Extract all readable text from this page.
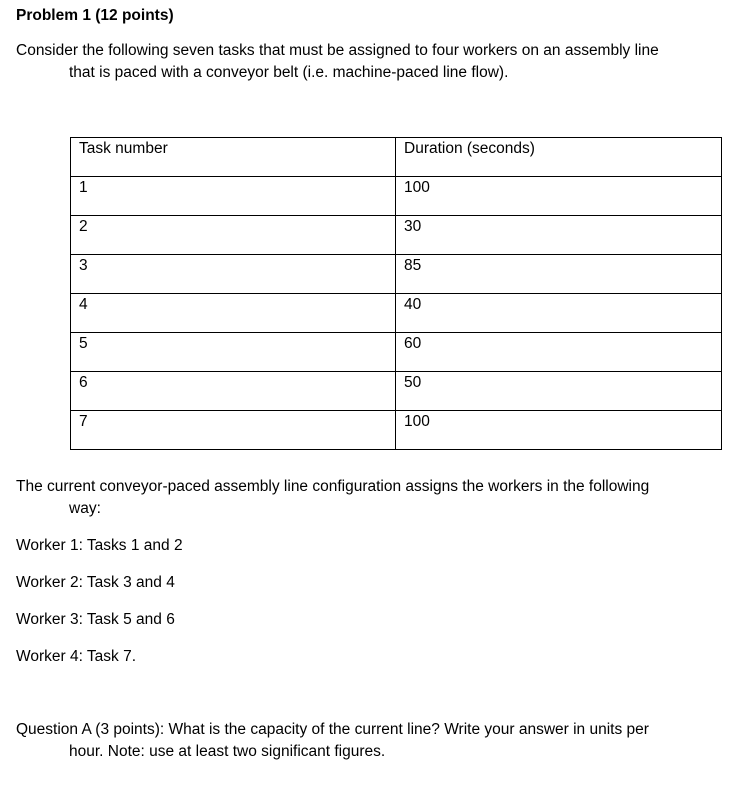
Problem 1 (12 points)
Consider the following seven tasks that must be assigned to four workers on an assembly line
that is paced with a conveyor belt (i.e. machine-paced line flow).
Task number	Duration (seconds)
1	100
2	30
3	85
4	40
5	60
6	50
7	100
The current conveyor-paced assembly line configuration assigns the workers in the following
way:
Worker 1: Tasks 1 and 2
Worker 2: Task 3 and 4
Worker 3: Task 5 and 6
Worker 4: Task 7.
Question A (3 points): What is the capacity of the current line? Write your answer in units per
hour. Note: use at least two significant figures.
